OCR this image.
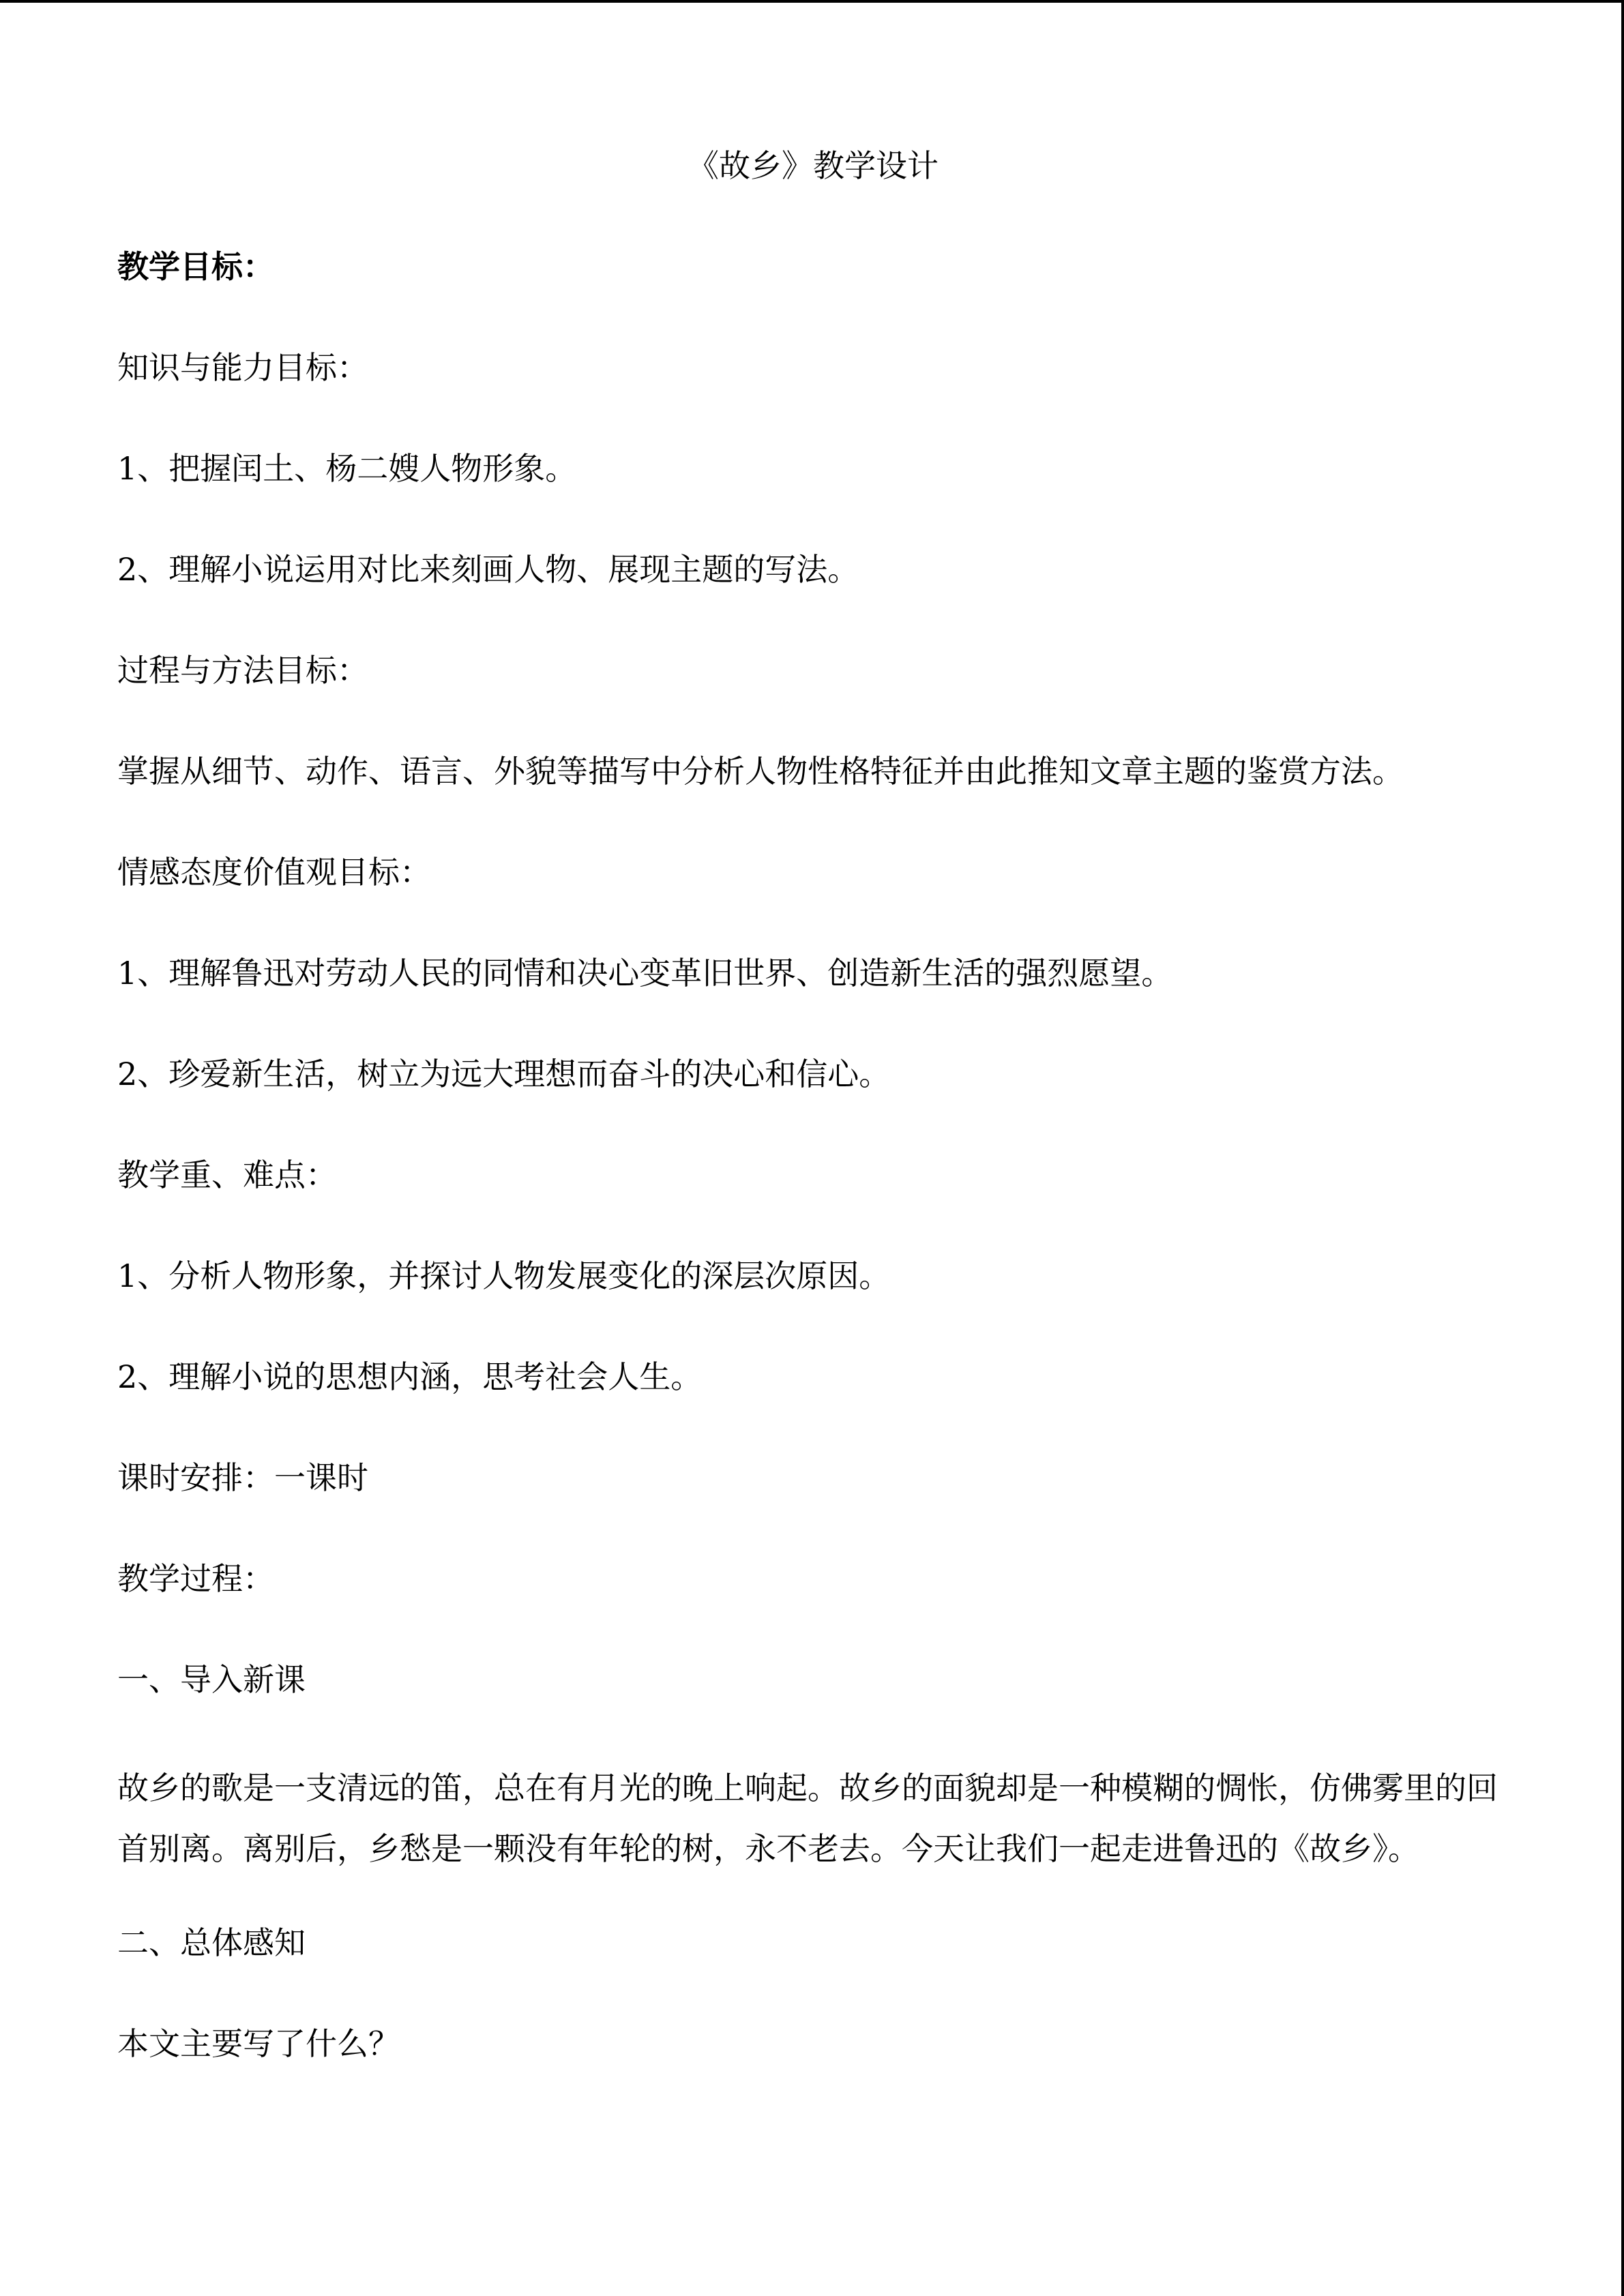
《故乡》教学设计

教学目标：

知识与能力目标：

1、把握闰土、杨二嫂人物形象。

2、理解小说运用对比来刻画人物、展现主题的写法。

过程与方法目标：

掌握从细节、动作、语言、外貌等描写中分析人物性格特征并由此推知文章主题的鉴赏方法。

情感态度价值观目标：

1、理解鲁迅对劳动人民的同情和决心变革旧世界、创造新生活的强烈愿望。

2、珍爱新生活，树立为远大理想而奋斗的决心和信心。

教学重、难点：

1、分析人物形象，并探讨人物发展变化的深层次原因。

2、理解小说的思想内涵，思考社会人生。

课时安排：一课时

教学过程：

一、导入新课

故乡的歌是一支清远的笛，总在有月光的晚上响起。故乡的面貌却是一种模糊的惆怅，仿佛雾里的回首别离。离别后，乡愁是一颗没有年轮的树，永不老去。今天让我们一起走进鲁迅的《故乡》。

二、总体感知

本文主要写了什么？
